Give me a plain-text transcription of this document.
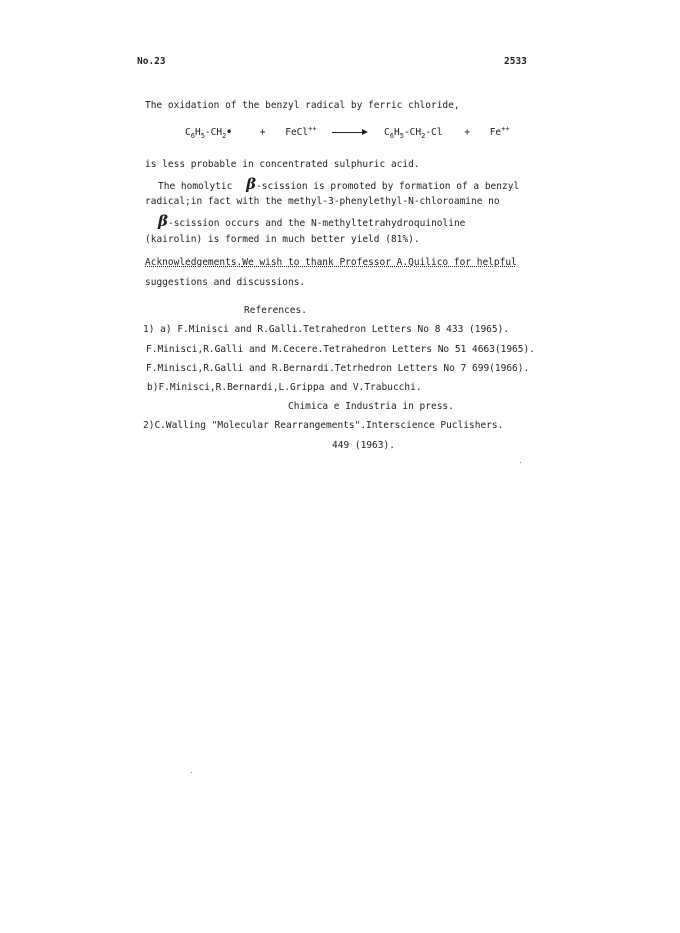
No.23	2533
The oxidation of the benzyl radical by ferric chloride,
$C_6H_5-CH_2•$	+ FeCl++	$C_6H_5-CH_2-Cl + Fe^{++}$
is less probable in concentrated sulphuric acid.
The homolytic β-scission is promoted by formation of a benzyl
radical;in fact with the methyl-3-phenylethyl-N-chloroamine no
β-scission occurs and the N-methyltetrahydroquinoline
(kairolin) is formed in much better yield (81%).
Acknowledgements.We wish to thank Professor A.Quilico for helpful
suggestions and discussions.
References.
1) a) F.Minisci and R.Galli.Tetrahedron Letters No 8 433 (1965).
F.Minisci,R.Galli and M.Cecere.Tetrahedron Letters No 51 4663(1965).
F.Minisci,R.Galli and R.Bernardi.Tetrhedron Letters No 7 699(1966).
b)F.Minisci,R.Bernardi,L.Grippa and V.Trabucchi.
Chimica e Industria in press.
2)C.Walling "Molecular Rearrangements".Interscience Puclishers.
449 (1963).
